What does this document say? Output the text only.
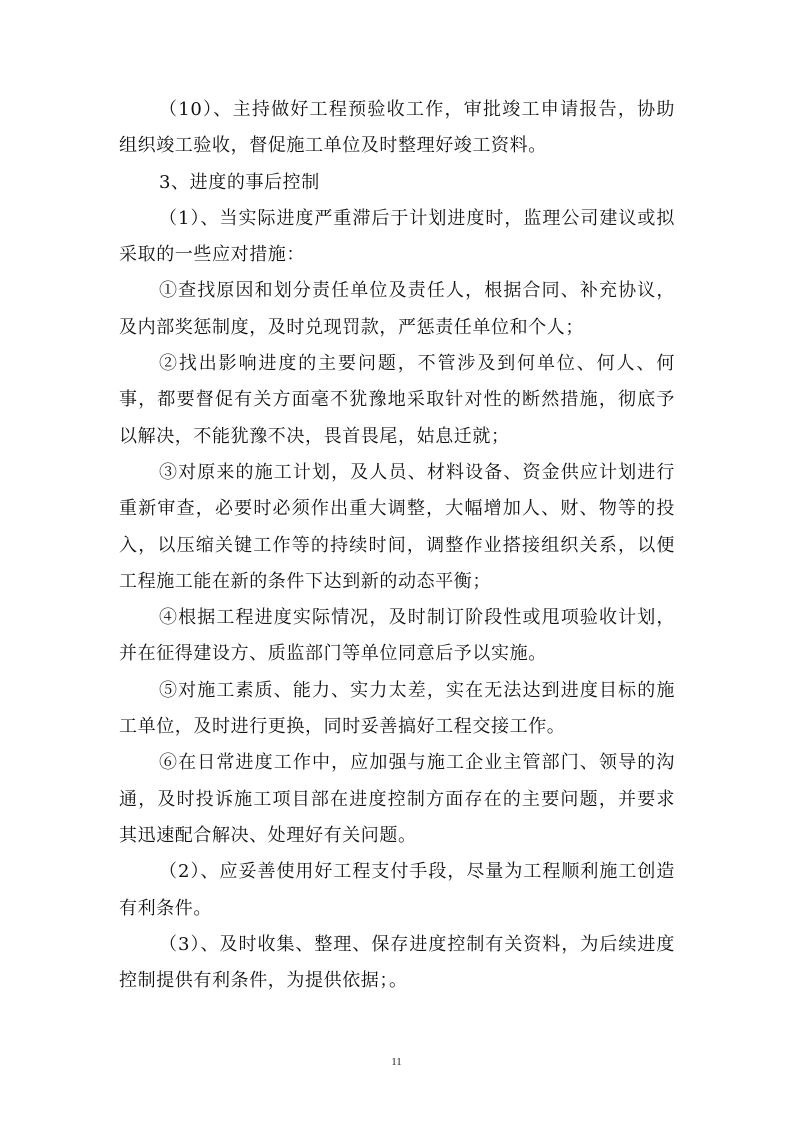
（10）、主持做好工程预验收工作，审批竣工申请报告，协助组织竣工验收，督促施工单位及时整理好竣工资料。

3、进度的事后控制

（1）、当实际进度严重滞后于计划进度时，监理公司建议或拟采取的一些应对措施：

①查找原因和划分责任单位及责任人，根据合同、补充协议，及内部奖惩制度，及时兑现罚款，严惩责任单位和个人；

②找出影响进度的主要问题，不管涉及到何单位、何人、何事，都要督促有关方面毫不犹豫地采取针对性的断然措施，彻底予以解决，不能犹豫不决，畏首畏尾，姑息迁就；

③对原来的施工计划，及人员、材料设备、资金供应计划进行重新审查，必要时必须作出重大调整，大幅增加人、财、物等的投入，以压缩关键工作等的持续时间，调整作业搭接组织关系，以便工程施工能在新的条件下达到新的动态平衡；

④根据工程进度实际情况，及时制订阶段性或甩项验收计划，并在征得建设方、质监部门等单位同意后予以实施。

⑤对施工素质、能力、实力太差，实在无法达到进度目标的施工单位，及时进行更换，同时妥善搞好工程交接工作。

⑥在日常进度工作中，应加强与施工企业主管部门、领导的沟通，及时投诉施工项目部在进度控制方面存在的主要问题，并要求其迅速配合解决、处理好有关问题。

（2）、应妥善使用好工程支付手段，尽量为工程顺利施工创造有利条件。

（3）、及时收集、整理、保存进度控制有关资料，为后续进度控制提供有利条件，为提供依据；。

11
